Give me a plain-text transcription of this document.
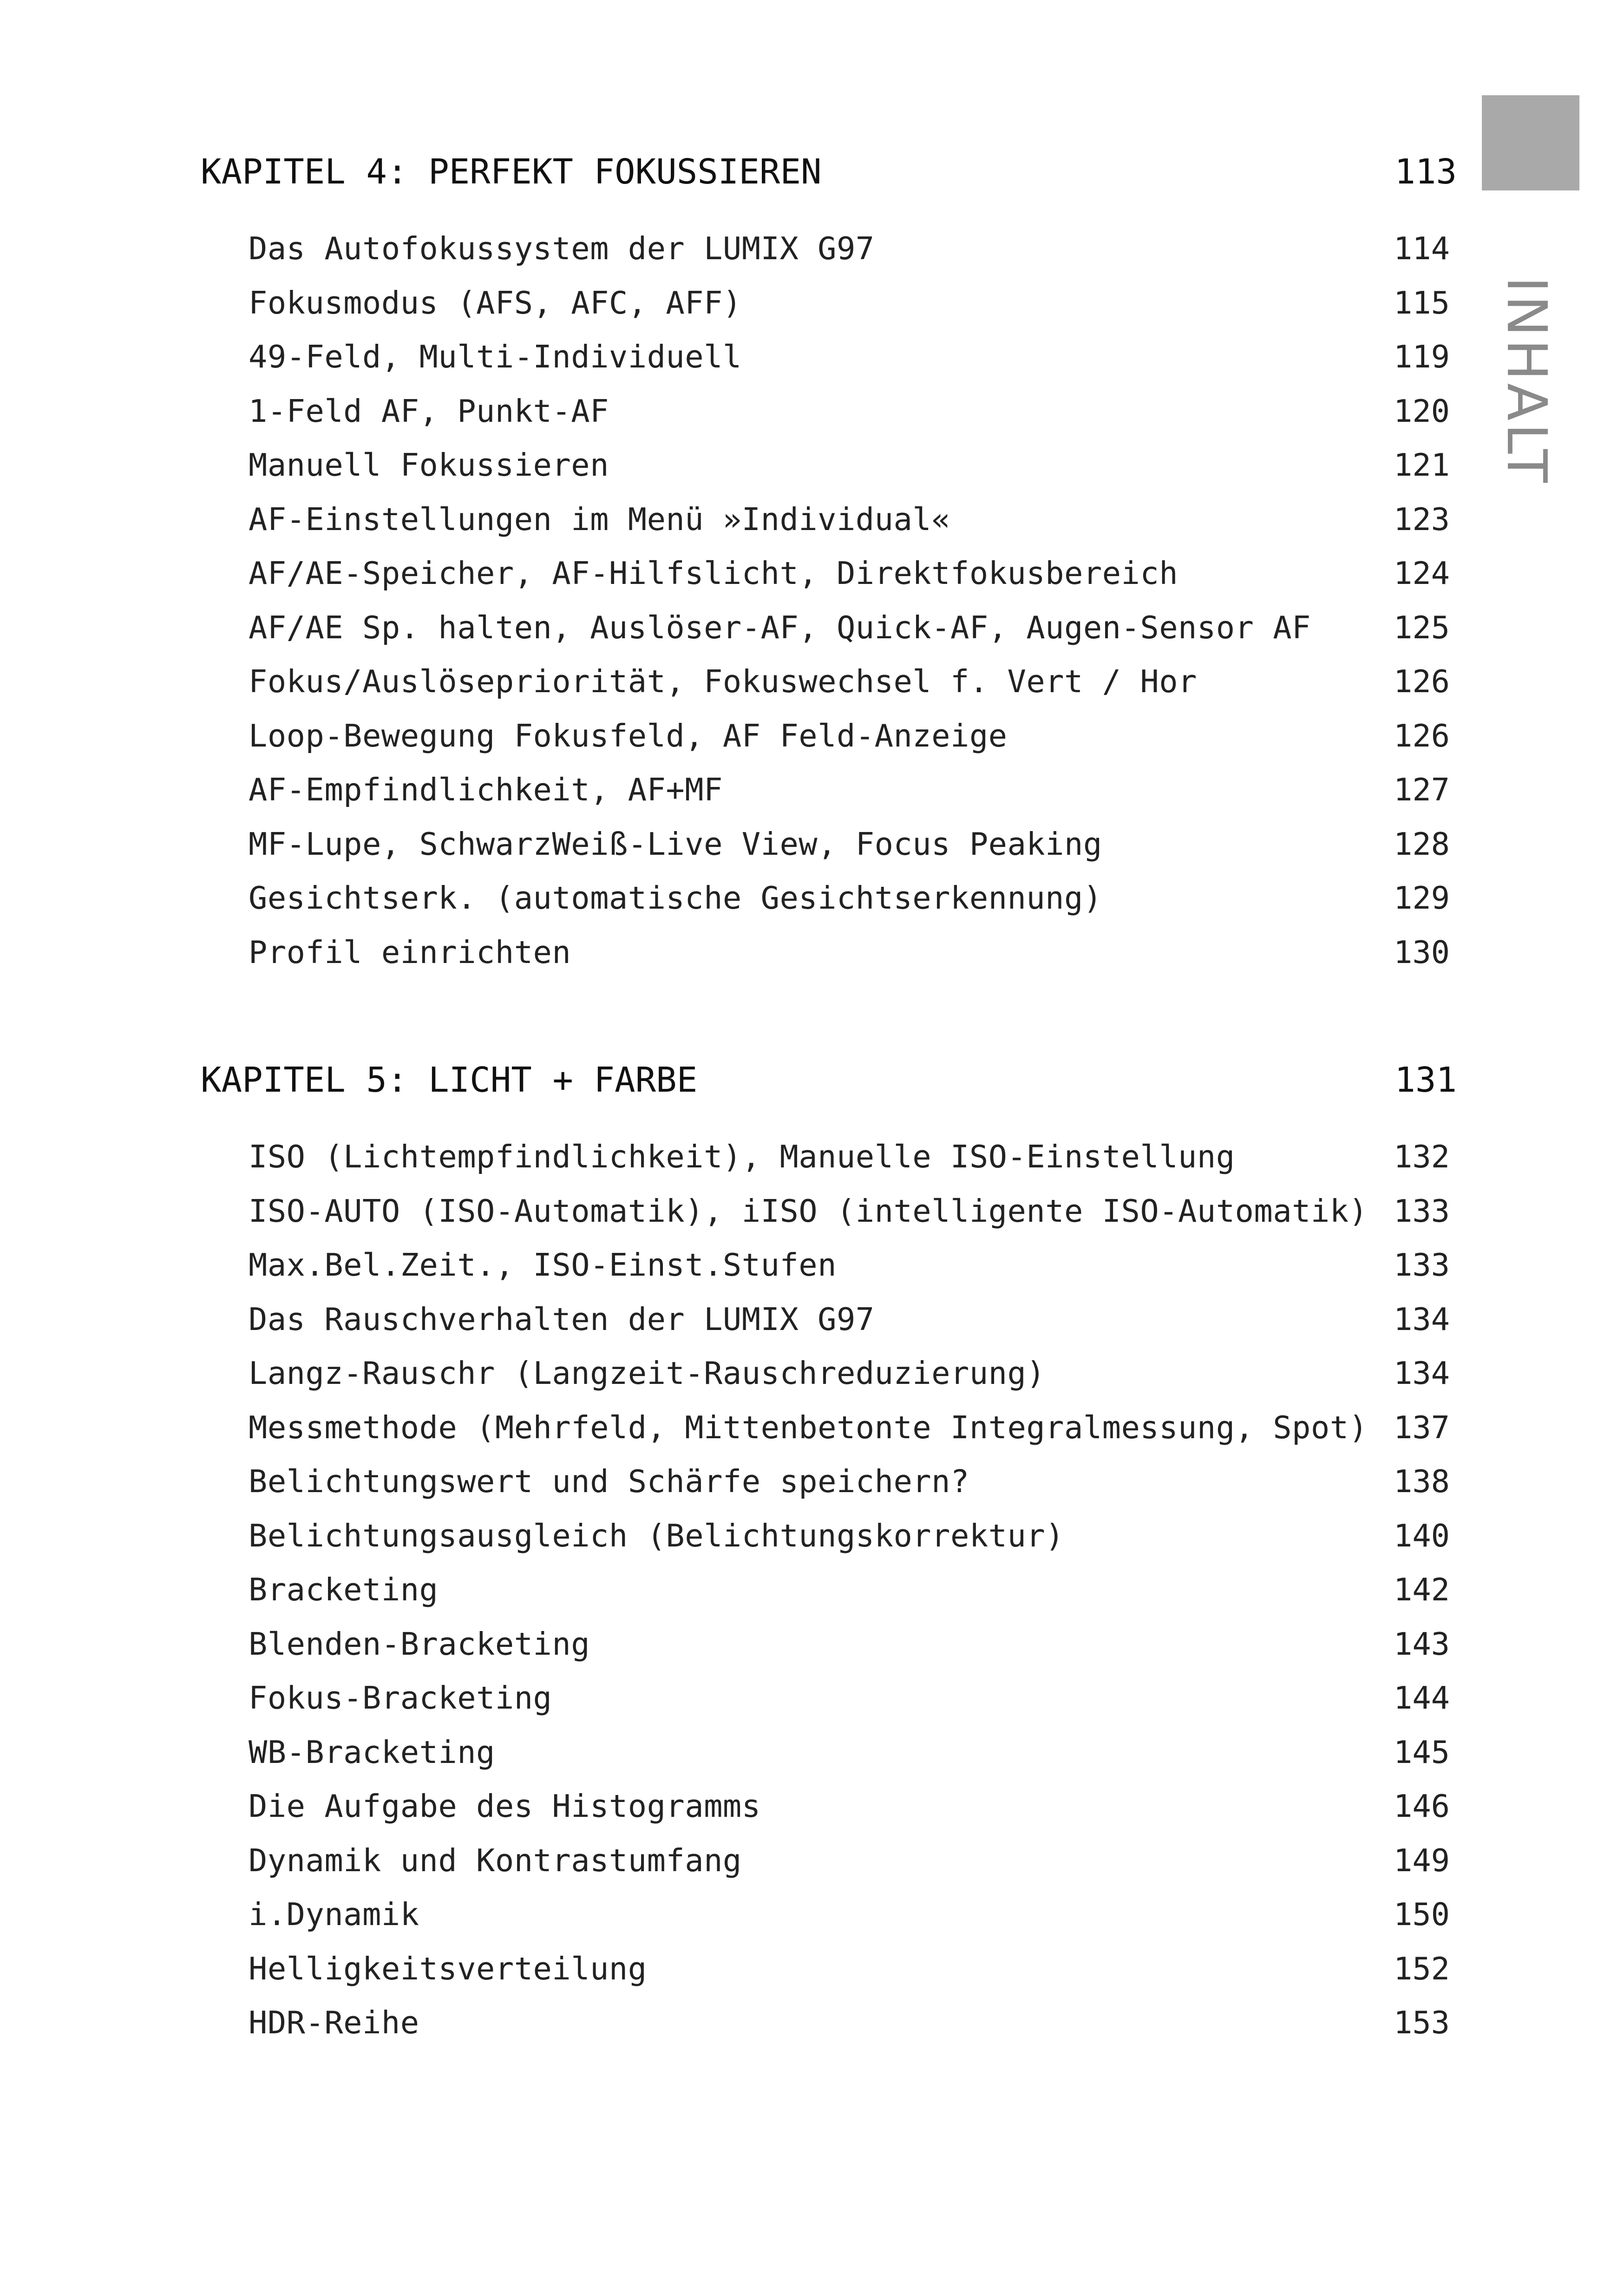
INHALT
KAPITEL 4: PERFEKT FOKUSSIEREN	113
Das Autofokussystem der LUMIX G97	114
Fokusmodus (AFS, AFC, AFF)	115
49-Feld, Multi-Individuell	119
1-Feld AF, Punkt-AF	120
Manuell Fokussieren	121
AF-Einstellungen im Menü »Individual«	123
AF/AE-Speicher, AF-Hilfslicht, Direktfokusbereich	124
AF/AE Sp. halten, Auslöser-AF, Quick-AF, Augen-Sensor AF	125
Fokus/Auslösepriorität, Fokuswechsel f. Vert / Hor	126
Loop-Bewegung Fokusfeld, AF Feld-Anzeige	126
AF-Empfindlichkeit, AF+MF	127
MF-Lupe, SchwarzWeiß-Live View, Focus Peaking	128
Gesichtserk. (automatische Gesichtserkennung)	129
Profil einrichten	130
KAPITEL 5: LICHT + FARBE	131
ISO (Lichtempfindlichkeit), Manuelle ISO-Einstellung	132
ISO-AUTO (ISO-Automatik), iISO (intelligente ISO-Automatik) 133
Max.Bel.Zeit., ISO-Einst.Stufen	133
Das Rauschverhalten der LUMIX G97	134
Langz-Rauschr (Langzeit-Rauschreduzierung)	134
Messmethode (Mehrfeld, Mittenbetonte Integralmessung, Spot) 137
Belichtungswert und Schärfe speichern?	138
Belichtungsausgleich (Belichtungskorrektur)	140
Bracketing	142
Blenden-Bracketing	143
Fokus-Bracketing	144
WB-Bracketing	145
Die Aufgabe des Histogramms	146
Dynamik und Kontrastumfang	149
i.Dynamik	150
Helligkeitsverteilung	152
HDR-Reihe	153
